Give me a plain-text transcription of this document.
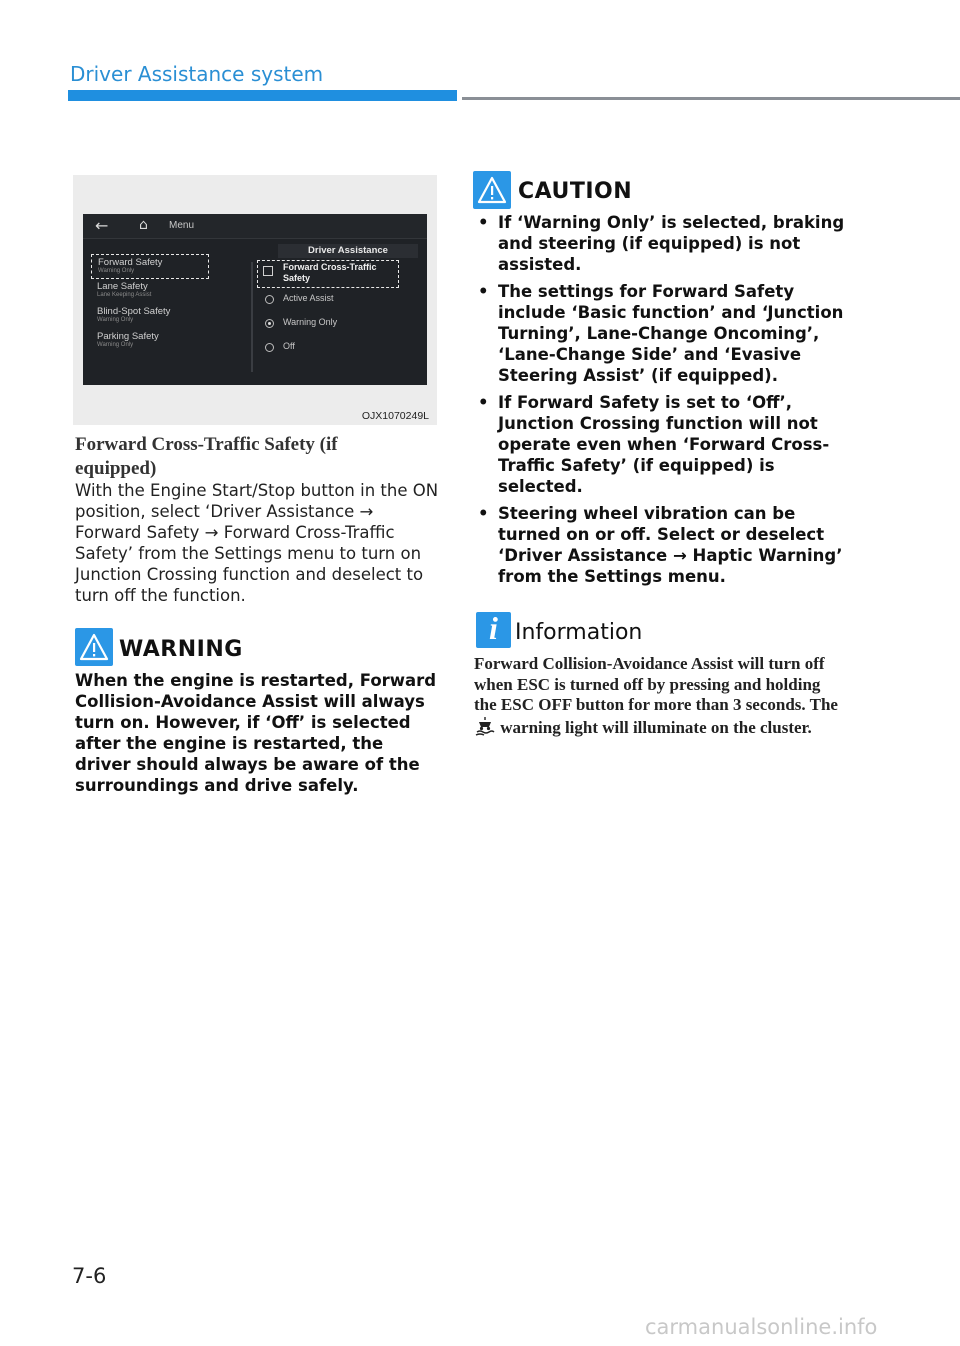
Driver Assistance system
← ⌂ Menu
Driver Assistance
Forward Safety
Warning Only
Lane Safety
Lane Keeping Assist
Blind-Spot Safety
Warning Only
Parking Safety
Warning Only
Forward Cross-Traffic
Safety
Active Assist
Warning Only
Off
OJX1070249L
Forward Cross-Traffic Safety (if
equipped)
With the Engine Start/Stop button in the ON position, select ‘Driver Assistance → Forward Safety → Forward Cross-Traffic Safety’ from the Settings menu to turn on Junction Crossing function and deselect to turn off the function.
WARNING
When the engine is restarted, Forward Collision-Avoidance Assist will always turn on. However, if ‘Off’ is selected after the engine is restarted, the driver should always be aware of the surroundings and drive safely.
CAUTION
• If ‘Warning Only’ is selected, braking and steering (if equipped) is not assisted.
• The settings for Forward Safety include ‘Basic function’ and ‘Junction Turning’, Lane-Change Oncoming’, ‘Lane-Change Side’ and ‘Evasive Steering Assist’ (if equipped).
• If Forward Safety is set to ‘Off’, Junction Crossing function will not operate even when ‘Forward Cross-Traffic Safety’ (if equipped) is selected.
• Steering wheel vibration can be turned on or off. Select or deselect ‘Driver Assistance → Haptic Warning’ from the Settings menu.
i Information
Forward Collision-Avoidance Assist will turn off when ESC is turned off by pressing and holding the ESC OFF button for more than 3 seconds. The  warning light will illuminate on the cluster.
7-6
carmanualsonline.info
